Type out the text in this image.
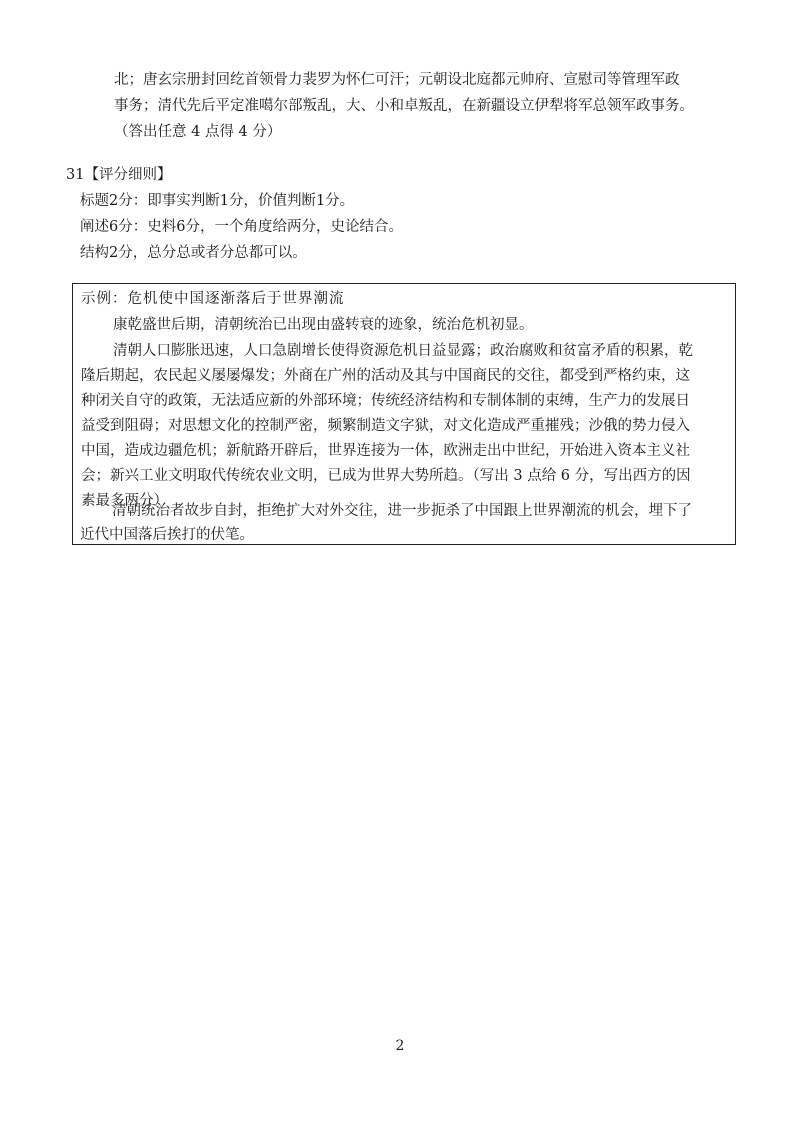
北；唐玄宗册封回纥首领骨力裴罗为怀仁可汗；元朝设北庭都元帅府、宣慰司等管理军政
事务；清代先后平定准噶尔部叛乱，大、小和卓叛乱，在新疆设立伊犁将军总领军政事务。
（答出任意 4 点得 4 分）
31【评分细则】
标题2分：即事实判断1分，价值判断1分。
阐述6分：史料6分，一个角度给两分，史论结合。
结构2分，总分总或者分总都可以。
示例：危机使中国逐渐落后于世界潮流
康乾盛世后期，清朝统治已出现由盛转衰的迹象，统治危机初显。
清朝人口膨胀迅速，人口急剧增长使得资源危机日益显露；政治腐败和贫富矛盾的积累，乾
隆后期起，农民起义屡屡爆发；外商在广州的活动及其与中国商民的交往，都受到严格约束，这
种闭关自守的政策，无法适应新的外部环境；传统经济结构和专制体制的束缚，生产力的发展日
益受到阻碍；对思想文化的控制严密，频繁制造文字狱，对文化造成严重摧残；沙俄的势力侵入
中国，造成边疆危机；新航路开辟后，世界连接为一体，欧洲走出中世纪，开始进入资本主义社
会；新兴工业文明取代传统农业文明，已成为世界大势所趋。（写出 3 点给 6 分，写出西方的因
素最多两分）
清朝统治者故步自封，拒绝扩大对外交往，进一步扼杀了中国跟上世界潮流的机会，埋下了
近代中国落后挨打的伏笔。
2
